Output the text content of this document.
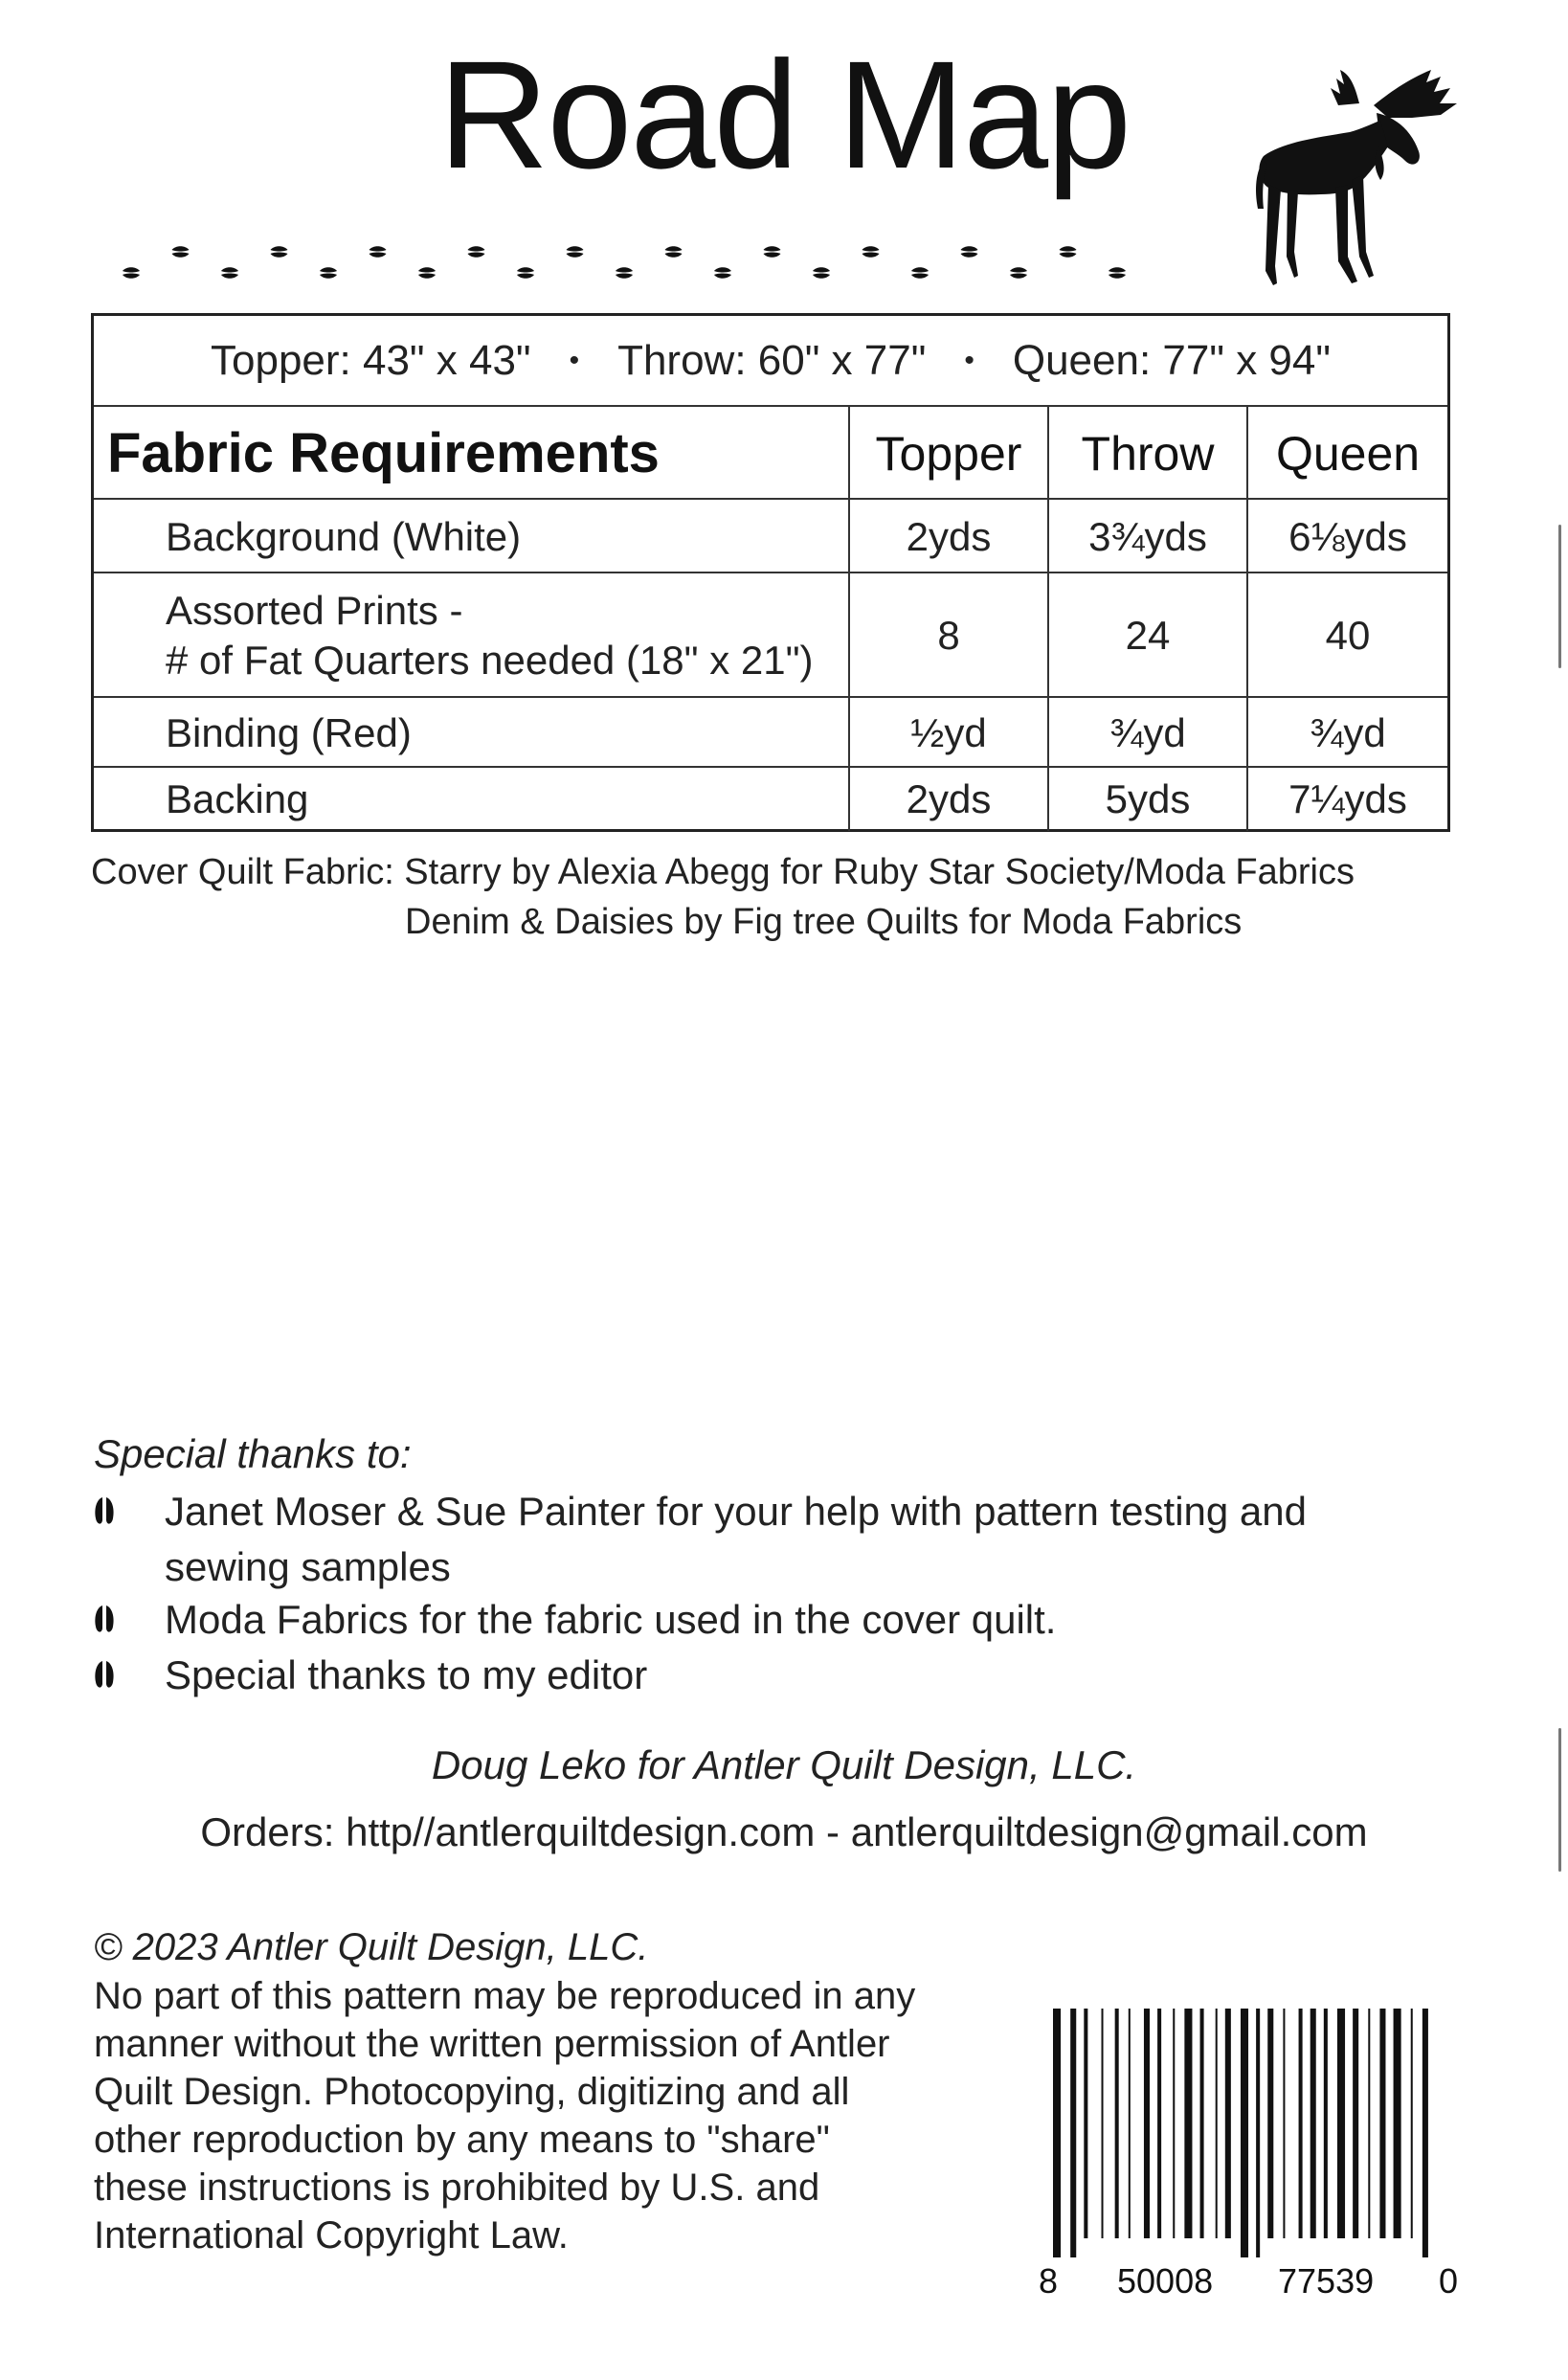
Road Map
Topper: 43" x 43" • Throw: 60" x 77" • Queen: 77" x 94"
Fabric Requirements	Topper	Throw	Queen
Background (White)	2yds	3¾yds	6⅛yds
Assorted Prints -
# of Fat Quarters needed (18" x 21")
8	24	40
Binding (Red)	½yd	¾yd	¾yd
Backing	2yds	5yds	7¼yds
Cover Quilt Fabric: Starry by Alexia Abegg for Ruby Star Society/Moda Fabrics
Denim & Daisies by Fig tree Quilts for Moda Fabrics
Special thanks to:
Janet Moser & Sue Painter for your help with pattern testing and sewing samples
Moda Fabrics for the fabric used in the cover quilt.
Special thanks to my editor
Doug Leko for Antler Quilt Design, LLC.
Orders: http//antlerquiltdesign.com - antlerquiltdesign@gmail.com
© 2023 Antler Quilt Design, LLC.
No part of this pattern may be reproduced in any manner without the written permission of Antler Quilt Design. Photocopying, digitizing and all other reproduction by any means to "share" these instructions is prohibited by U.S. and International Copyright Law.
8 50008 77539 0
